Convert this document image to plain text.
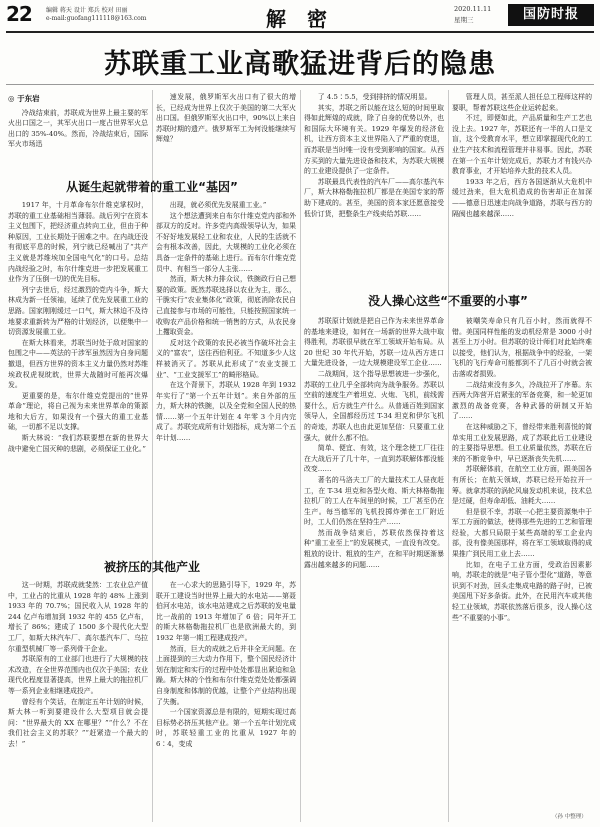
22 编辑 蒋天 设计 郑兵 校对 田丽
e-mail:guofang111118@163.com	解 密	2020.11.11
星期三	国防时报
苏联重工业高歌猛进背后的隐患

◎ 于东岩

冷战结束前，苏联成为世界上最主要的军火出口国之一，其军火出口一度占世界军火总出口的 35%-40%。然而，冷战结束后，国际军火市场迅

从诞生起就带着的重工业“基因”

1917 年，十月革命布尔什维克掌权时，苏联的重工业基础相当薄弱。战后列宁在资本主义包围下，把经济重点转向工业，但由于种种原因，工业长期处于困难之中。在内战还没有彻底平息的时候，列宁就已经喊出了“共产主义就是苏维埃加全国电气化”的口号。总结内战经验之时，布尔什维克进一步把发展重工业作为了压倒一切的优先目标。

列宁去世后，经过激烈的党内斗争，斯大林成为新一任领袖，延续了优先发展重工业的思路。国家刚刚缓过一口气，斯大林迫不及待地要求重新转为严格的计划经济，以便集中一切资源发展重工业。

在斯大林看来，苏联当时处于敌对国家的包围之中——英法的干涉军虽然因为自身问题撤退，但西方世界的资本主义力量仍然对苏维埃政权虎视眈眈，世界大战随时可能再次爆发。

更重要的是，布尔什维克党提出的“世界革命”理论，将自己视为未来世界革命的策源地和大后方，如果没有一个强大的重工业基础，一切都不足以支撑。

斯大林说：“我们苏联要想在新的世界大战中避免亡国灭种的悲剧，必须保证工业化。”

被挤压的其他产业

这一时期，苏联成就斐然：工农业总产值中，工业占的比重从 1928 年的 48% 上涨到 1933 年的 70.7%；国民收入从 1928 年的 244 亿卢布增加到 1932 年的 455 亿卢布，增长了 86%；建成了 1500 多个现代化大型工厂，如斯大林汽车厂、高尔基汽车厂、乌拉尔重型机械厂等一系列骨干企业。

苏联原有的工业部门也进行了大规模的技术改造，在全世界范围内也仅次于美国；农业现代化程度显著提高，世界上最大的拖拉机厂等一系列企业相继建成投产。

曾经有个笑话，在制定五年计划的时候，斯大林一听到要建设什么大型项目就会提问：“世界最大的 XX 在哪里？”“什么？不在我们社会主义的苏联？”“赶紧造一个最大的去！”

速发展，俄罗斯军火出口有了很大的增长，已经成为世界上仅次于美国的第二大军火出口国。但俄罗斯军火出口中，90%以上来自苏联时期的遗产。俄罗斯军工为何没能继续写辉煌？

出现，就必须优先发展重工业。”

这个想法遭到来自布尔什维克党内部和外部双方的反对。许多党内高级领导认为，如果不好好地发展轻工业和农业，人民的生活就不会有根本改善，因此，大规模的工业化必须在具备一定条件的基础上进行。而布尔什维克党员中、有相当一部分人主张……

然而，斯大林力排众议，铁腕政行自己想要的政策。既然苏联选择以农业为主，那么，干脆实行“农业集体化”政策，彻底消除农民自己直接参与市场的可能性，只能按照国家统一收购农产品价格和统一销售的方式，从农民身上攫取资金。

反对这个政策的农民必被当作破坏社会主义的“富农”，送往西伯利亚。不知道多少人这样被消灭了。苏联从此形成了“农业支援工业”、“工业支援军工”的畸形格局。

在这个背景下，苏联从 1928 年到 1932 年实行了“第一个五年计划”。来自外部的压力，斯大林的铁腕，以及全党和全国人民的热情……第一个五年计划在 4 年零 3 个月内完成了。苏联完成所有计划指标，成为第二个五年计划……

在一心求大的思路引导下，1929 年，苏联开工建设当时世界上最大的水电站——第聂伯河水电站，该水电站建成之后苏联的发电量比一战前的 1913 年增加了 6 倍；同年开工的斯大林格勒拖拉机厂也是欧洲最大的，到 1932 年第一期工程建成投产。

然而，巨大的成就之后并非全无问题。在上面提到的三大动力作用下，整个国民经济计划在制定和实行的过程中处处都显出紧迫和急躁。斯大林的个性和布尔什维克党处处都强调自身制度和体制的优越，让整个产业结构出现了失衡。

一个国家资源总是有限的，短期实现过高目标势必挤压其他产业。第一个五年计划完成时，苏联轻重工业的比重从 1927 年的 6∶4，变成

了 4.5∶5.5，受到排挤的情况明显。

其实，苏联之所以能在这么短的时间里取得如此辉煌的成就，除了自身的优势以外，也和国际大环境有关。1929 年爆发的经济危机，让西方资本主义世界陷入了严重的衰退，而苏联是当时唯一没有受到影响的国家。从西方买到的大量先进设备和技术，为苏联大规模的工业建设提供了一定条件。

苏联最具代表性的汽车厂——高尔基汽车厂，斯大林格勒拖拉机厂都是在美国专家的帮助下建成的。甚至，美国的资本家还愿意接受低价订货，把整条生产线卖给苏联……

没人操心这些“不重要的小事”

苏联原计划就是把自己作为未来世界革命的基地来建设，如何在一场新的世界大战中取得胜利，苏联很早就在军工领域开始布局。从 20 世纪 30 年代开始，苏联一边从西方进口大量先进设备，一边大规模建设军工企业……

二战期间，这个指导思想被进一步强化，苏联的工业几乎全部转向为战争服务。苏联以空前的速度生产着坦克、火炮、飞机，前线需要什么，后方就生产什么。从普通百姓到国家领导人，全国都经历过 T-34 坦克和伊尔飞机的奇迹，苏联人也由此更加坚信：只要重工业强大，就什么都不怕。

简单、便宜、有效，这个理念使工厂往往在大战后开了几十年，一直到苏联解体都没能改变……

著名的马洛夫工厂的大量技术工人昼夜赶工，在 T-34 坦克和各型火炮、斯大林格勒拖拉机厂的工人在车间里的时候，工厂甚至仍在生产。每当德军的飞机投掷炸弹在工厂附近时，工人们仍然在坚持生产……

然而战争结束后，苏联依然保持着这种“重工业至上”的发展模式，一直没有改变。粗放的设计、粗放的生产，在和平时期逐渐暴露出越来越多的问题……

管理人员，甚至派人担任总工程师这样的要职，帮着苏联这些企业运转起来。

不过，即便如此，产品质量和生产工艺也没上去。1927 年，苏联还有一半的人口是文盲，这个受教育水平，想立即掌握现代化的工业生产技术和流程管理并非易事。因此，苏联在第一个五年计划完成后，苏联力才有钱兴办教育事业，才开始培养大批的技术人员。

1933 年之后，西方各国逐渐从大危机中缓过劲来，但大危机造成的伤害却正在加深——德意日迅速走向战争道路，苏联与西方的隔阂也越来越深……

被嘲笑寿命只有几百小时，然而就得不错。美国同样性能的发动机经常是 3000 小时甚至上万小时。但苏联的设计师们对此始终难以接受，他们认为，根据战争中的经验，一架飞机的飞行寿命可能都到不了几百小时就会被击落或者损毁。

二战结束没有多久，冷战拉开了序幕。东西两大阵营开启紧张的军备竞赛，和一轮更加激烈的战备竞赛，各种武器的研制又开始了……

在这种威胁之下，曾经带来胜利喜悦的简单实用工业发展思路，成了苏联此后工业建设的主要指导思想。但工业质量依然，苏联在后来的不断竞争中，早已逐渐丧失先机……

苏联解体前，在航空工业方面，跟美国各有所长；在航天领域，苏联已经开始拉开一筹。就拿苏联的涡轮风扇发动机来说，技术总是过硬，但寿命却低、油耗大……

但是很不幸，苏联一心把主要资源集中于军工方面的做法，使得那些先进的工艺和管理经验，大都只局限于某些高端的军工企业内部，没有像美国那样，将在军工领域取得的成果推广到民用工业上去……

比如，在电子工业方面，受政治因素影响，苏联走的就是“电子管小型化”道路，等意识到不对劲，回头走集成电路的路子时，已被美国甩下好多条街。此外，在民用汽车或其他轻工业领域，苏联依然落后很多，没人操心这些“不重要的小事”。

（孙 中整理）
